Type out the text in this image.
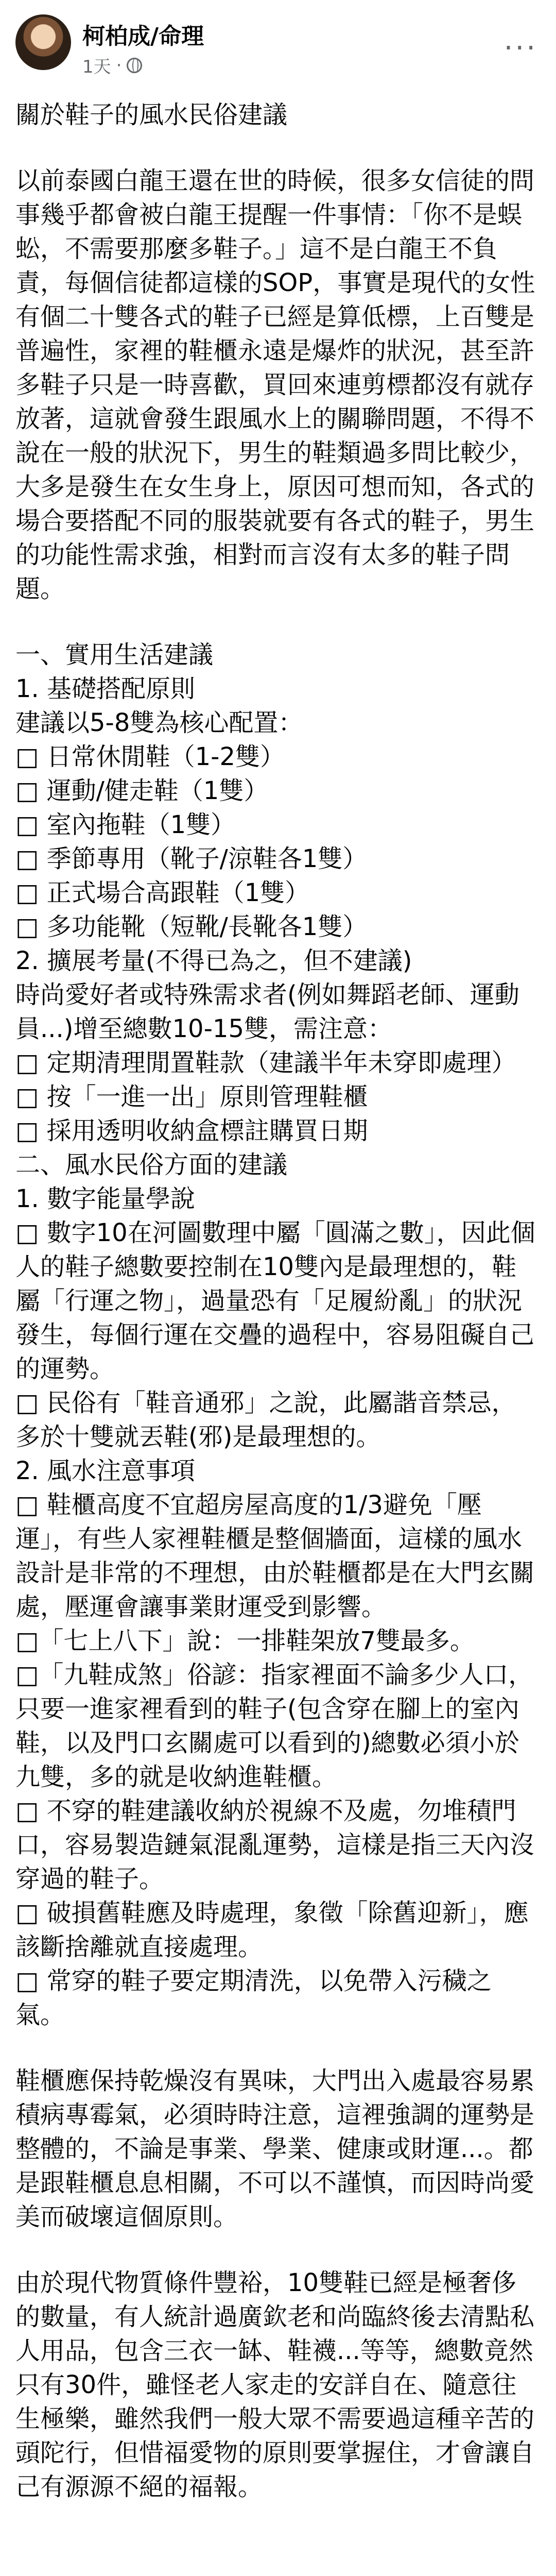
柯柏成/命理
1天 ·
...

關於鞋子的風水民俗建議

以前泰國白龍王還在世的時候，很多女信徒的問事幾乎都會被白龍王提醒一件事情：「你不是蜈蚣，不需要那麼多鞋子。」這不是白龍王不負責，每個信徒都這樣的SOP，事實是現代的女性有個二十雙各式的鞋子已經是算低標，上百雙是普遍性，家裡的鞋櫃永遠是爆炸的狀況，甚至許多鞋子只是一時喜歡，買回來連剪標都沒有就存放著，這就會發生跟風水上的關聯問題，不得不說在一般的狀況下，男生的鞋類過多問比較少，大多是發生在女生身上，原因可想而知，各式的場合要搭配不同的服裝就要有各式的鞋子，男生的功能性需求強，相對而言沒有太多的鞋子問題。

一、實用生活建議

1. 基礎搭配原則

建議以5-8雙為核心配置：

□ 日常休閒鞋（1-2雙）

□ 運動/健走鞋（1雙）

□ 室內拖鞋（1雙）

□ 季節專用（靴子/涼鞋各1雙）

□ 正式場合高跟鞋（1雙）

□ 多功能靴（短靴/長靴各1雙）

2. 擴展考量(不得已為之，但不建議)

時尚愛好者或特殊需求者(例如舞蹈老師、運動員...)增至總數10-15雙，需注意：

□ 定期清理閒置鞋款（建議半年未穿即處理）

□ 按「一進一出」原則管理鞋櫃

□ 採用透明收納盒標註購買日期

二、風水民俗方面的建議

1. 數字能量學說

□ 數字10在河圖數理中屬「圓滿之數」，因此個人的鞋子總數要控制在10雙內是最理想的，鞋屬「行運之物」，過量恐有「足履紛亂」的狀況發生，每個行運在交疊的過程中，容易阻礙自己的運勢。

□ 民俗有「鞋音通邪」之說，此屬諧音禁忌，多於十雙就丟鞋(邪)是最理想的。

2. 風水注意事項

□ 鞋櫃高度不宜超房屋高度的1/3避免「壓運」，有些人家裡鞋櫃是整個牆面，這樣的風水設計是非常的不理想，由於鞋櫃都是在大門玄關處，壓運會讓事業財運受到影響。

□「七上八下」說：一排鞋架放7雙最多。

□「九鞋成煞」俗諺：指家裡面不論多少人口，只要一進家裡看到的鞋子(包含穿在腳上的室內鞋，以及門口玄關處可以看到的)總數必須小於九雙，多的就是收納進鞋櫃。

□ 不穿的鞋建議收納於視線不及處，勿堆積門口，容易製造鏈氣混亂運勢，這樣是指三天內沒穿過的鞋子。

□ 破損舊鞋應及時處理，象徵「除舊迎新」，應該斷捨離就直接處理。

□ 常穿的鞋子要定期清洗，以免帶入污穢之氣。

鞋櫃應保持乾燥沒有異味，大門出入處最容易累積病專霉氣，必須時時注意，這裡強調的運勢是整體的，不論是事業、學業、健康或財運...。都是跟鞋櫃息息相關，不可以不謹慎，而因時尚愛美而破壞這個原則。

由於現代物質條件豐裕，10雙鞋已經是極奢侈的數量，有人統計過廣欽老和尚臨終後去清點私人用品，包含三衣一缽、鞋襪...等等，總數竟然只有30件，雖怪老人家走的安詳自在、隨意往生極樂，雖然我們一般大眾不需要過這種辛苦的頭陀行，但惜福愛物的原則要掌握住，才會讓自己有源源不絕的福報。
